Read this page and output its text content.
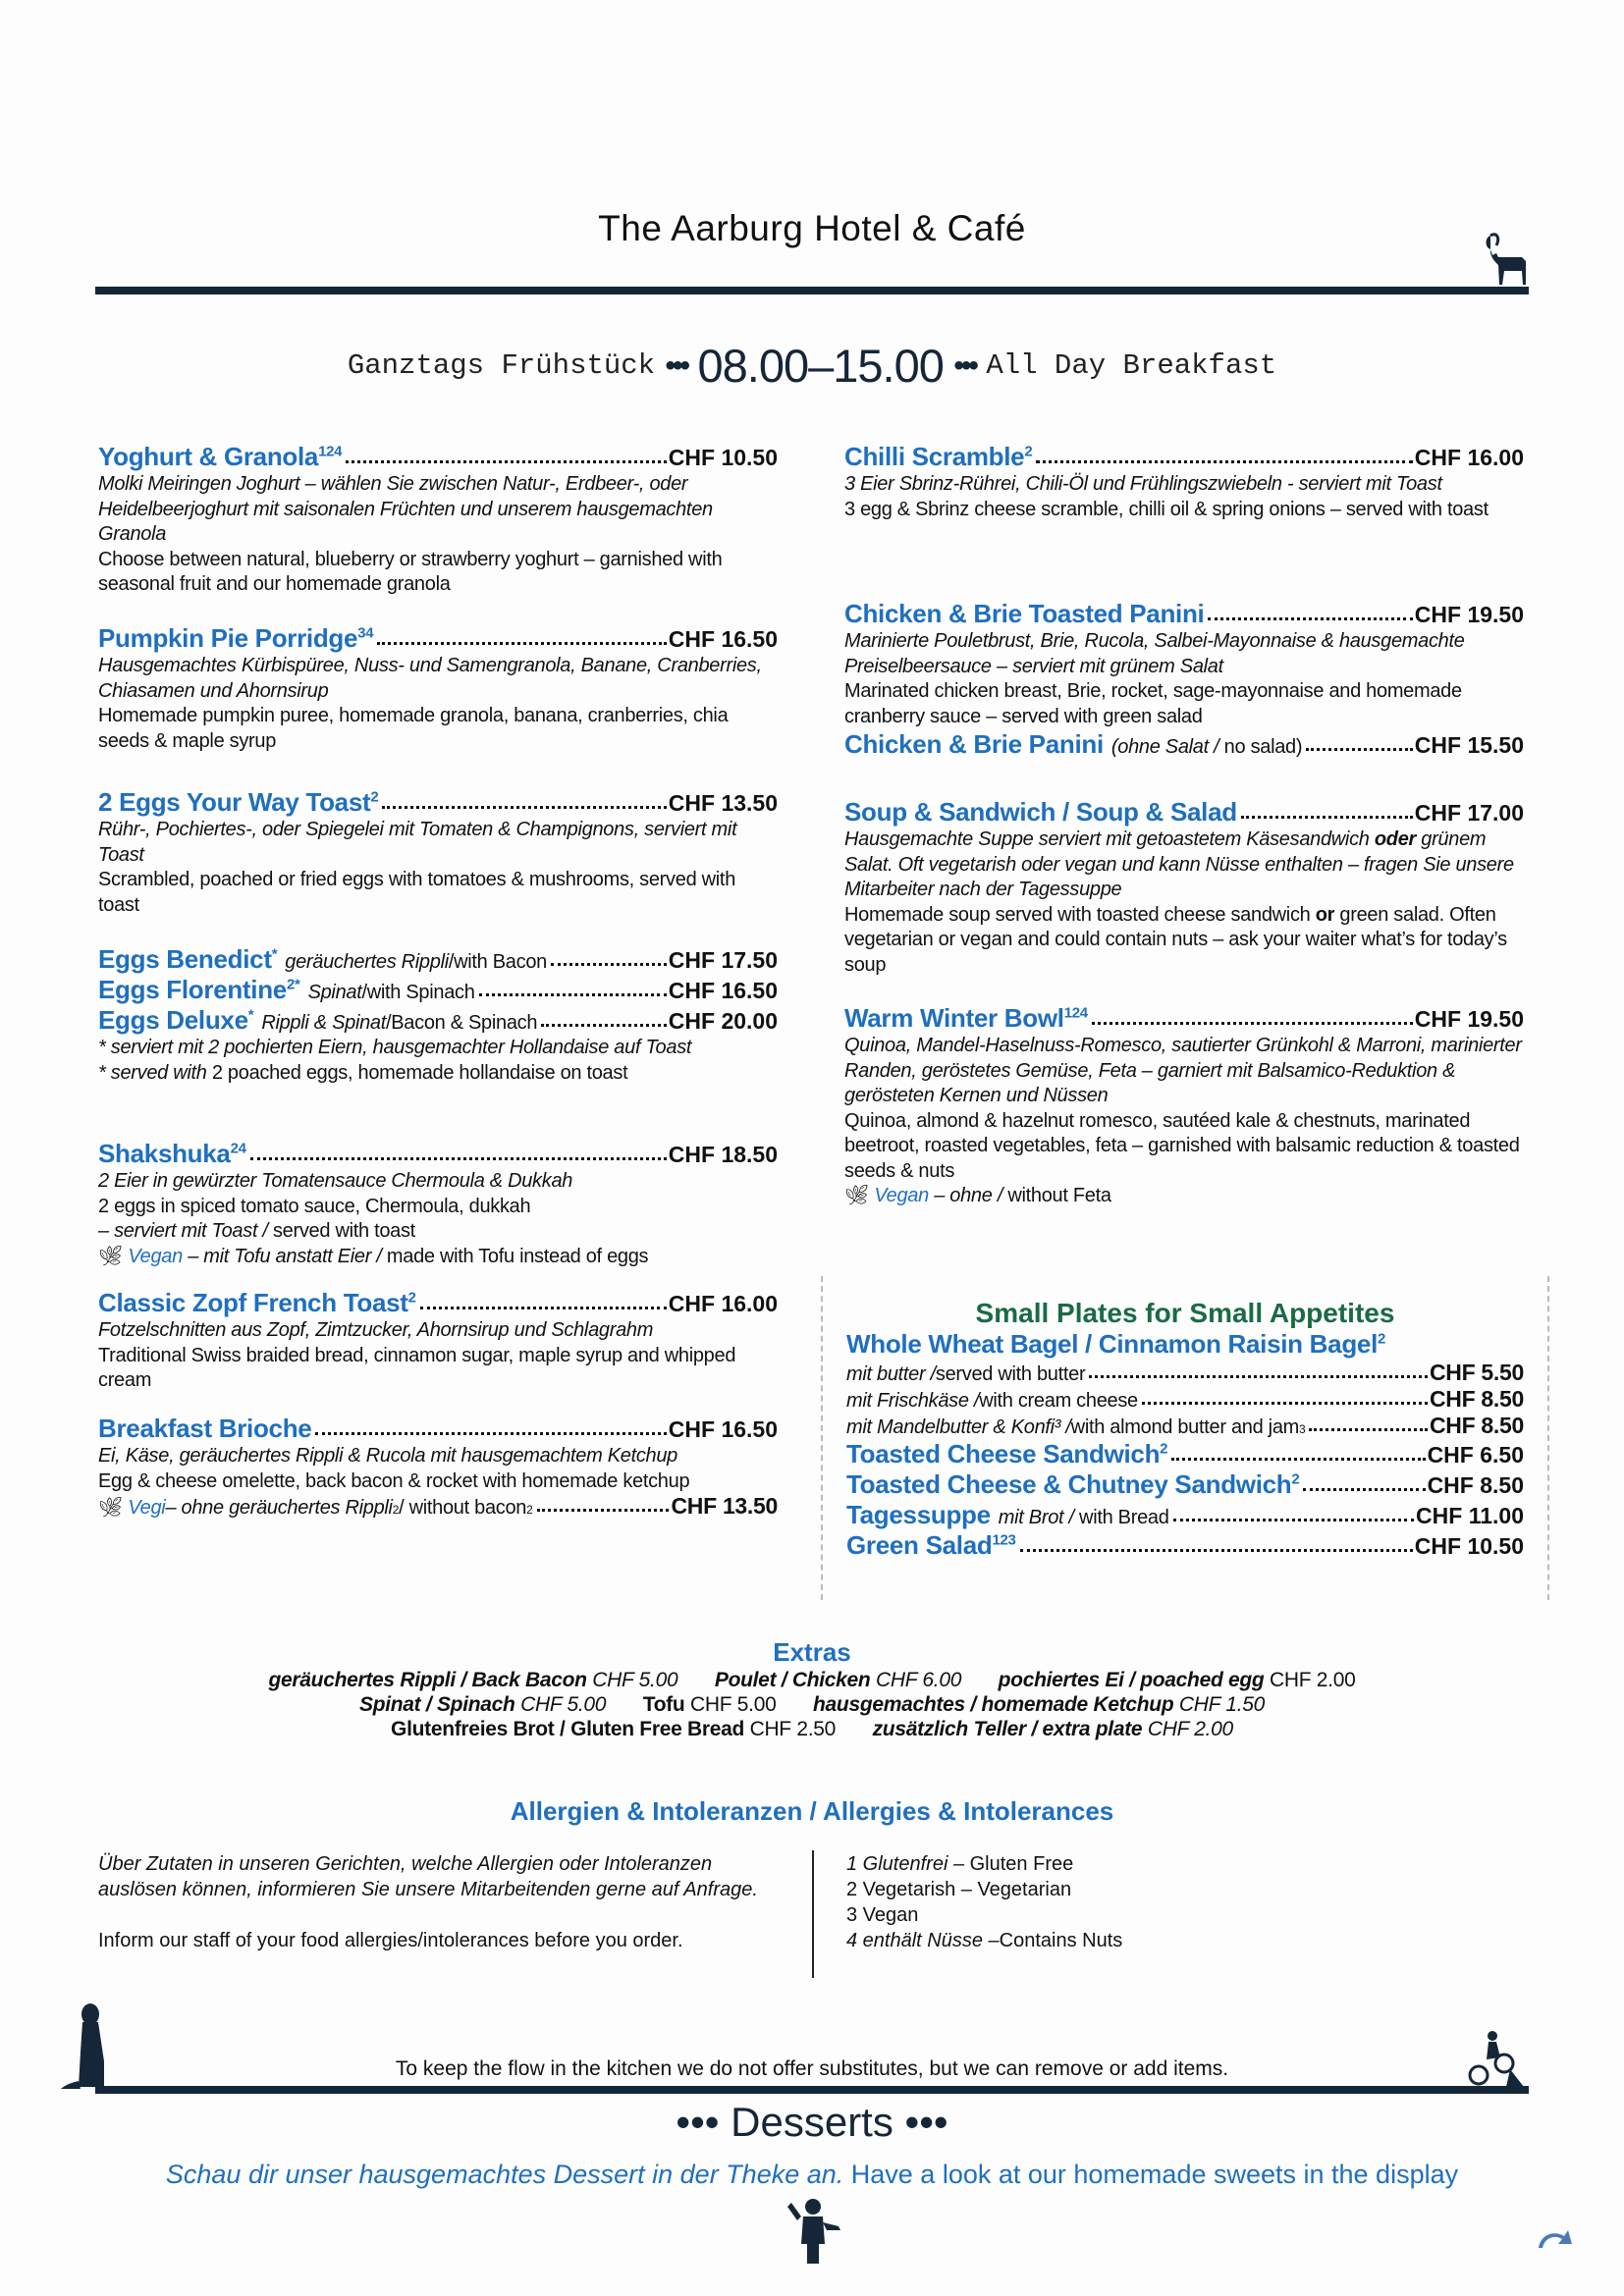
The Aarburg Hotel & Café
Ganztags Frühstück ••• 08.00–15.00 ••• All Day Breakfast
Yoghurt & Granola$^{124}$	CHF 10.50
Molki Meiringen Joghurt – wählen Sie zwischen Natur-, Erdbeer-, oder Heidelbeerjoghurt mit saisonalen Früchten und unserem hausgemachten Granola
Choose between natural, blueberry or strawberry yoghurt – garnished with seasonal fruit and our homemade granola
Pumpkin Pie Porridge$^{34}$	CHF 16.50
Hausgemachtes Kürbispüree, Nuss- und Samengranola, Banane, Cranberries, Chiasamen und Ahornsirup
Homemade pumpkin puree, homemade granola, banana, cranberries, chia seeds & maple syrup
2 Eggs Your Way Toast$^2$	CHF 13.50
Rühr-, Pochiertes-, oder Spiegelei mit Tomaten & Champignons, serviert mit Toast
Scrambled, poached or fried eggs with tomatoes & mushrooms, served with toast
Eggs Benedict* geräuchertes Rippli/with Bacon	CHF 17.50
Eggs Florentine$^{2*}$ Spinat/with Spinach	CHF 16.50
Eggs Deluxe* Rippli & Spinat/Bacon & Spinach	CHF 20.00
* serviert mit 2 pochierten Eiern, hausgemachter Hollandaise auf Toast
* served with 2 poached eggs, homemade hollandaise on toast
Shakshuka$^{24}$	CHF 18.50
2 Eier in gewürzter Tomatensauce Chermoula & Dukkah
2 eggs in spiced tomato sauce, Chermoula, dukkah
– serviert mit Toast / served with toast
🌿︎ Vegan – mit Tofu anstatt Eier / made with Tofu instead of eggs
Classic Zopf French Toast$^2$	CHF 16.00
Fotzelschnitten aus Zopf, Zimtzucker, Ahornsirup und Schlagrahm
Traditional Swiss braided bread, cinnamon sugar, maple syrup and whipped cream
Breakfast Brioche	CHF 16.50
Ei, Käse, geräuchertes Rippli & Rucola mit hausgemachtem Ketchup
Egg & cheese omelette, back bacon & rocket with homemade ketchup
🌿︎
Vegi – ohne geräuchertes Rippli 2 / without bacon 2	CHF 13.50
Chilli Scramble$^2$	CHF 16.00
3 Eier Sbrinz-Rührei, Chili-Öl und Frühlingszwiebeln - serviert mit Toast
3 egg & Sbrinz cheese scramble, chilli oil & spring onions – served with toast
Chicken & Brie Toasted Panini	CHF 19.50
Marinierte Pouletbrust, Brie, Rucola, Salbei-Mayonnaise & hausgemachte Preiselbeersauce – serviert mit grünem Salat
Marinated chicken breast, Brie, rocket, sage-mayonnaise and homemade cranberry sauce – served with green salad
Chicken & Brie Panini (ohne Salat / no salad)	CHF 15.50
Soup & Sandwich / Soup & Salad	CHF 17.00
Hausgemachte Suppe serviert mit getoastetem Käsesandwich oder grünem Salat. Oft vegetarish oder vegan und kann Nüsse enthalten – fragen Sie unsere Mitarbeiter nach der Tagessuppe
Homemade soup served with toasted cheese sandwich or green salad. Often vegetarian or vegan and could contain nuts – ask your waiter what’s for today’s soup
Warm Winter Bowl$^{124}$	CHF 19.50
Quinoa, Mandel-Haselnuss-Romesco, sautierter Grünkohl & Marroni, marinierter Randen, geröstetes Gemüse, Feta – garniert mit Balsamico-Reduktion & gerösteten Kernen und Nüssen
Quinoa, almond & hazelnut romesco, sautéed kale & chestnuts, marinated beetroot, roasted vegetables, feta – garnished with balsamic reduction & toasted seeds & nuts
🌿︎ Vegan – ohne / without Feta
Small Plates for Small Appetites
Whole Wheat Bagel / Cinnamon Raisin Bagel$^2$
mit butter / served with butter	CHF 5.50
mit Frischkäse / with cream cheese	CHF 8.50
mit Mandelbutter & Konfi³ / with almond butter and jam 3	CHF 8.50
Toasted Cheese Sandwich$^2$	CHF 6.50
Toasted Cheese & Chutney Sandwich$^2$	CHF 8.50
Tagessuppe mit Brot / with Bread	CHF 11.00
Green Salad$^{123}$	CHF 10.50
Extras
geräuchertes Rippli / Back Bacon CHF 5.00 Poulet / Chicken CHF 6.00 pochiertes Ei / poached egg CHF 2.00
Spinat / Spinach CHF 5.00 Tofu CHF 5.00 hausgemachtes / homemade Ketchup CHF 1.50
Glutenfreies Brot / Gluten Free Bread CHF 2.50 zusätzlich Teller / extra plate CHF 2.00
Allergien & Intoleranzen / Allergies & Intolerances
Über Zutaten in unseren Gerichten, welche Allergien oder Intoleranzen auslösen können, informieren Sie unsere Mitarbeitenden gerne auf Anfrage.
Inform our staff of your food allergies/intolerances before you order.
1 Glutenfrei – Gluten Free
2 Vegetarish – Vegetarian
3 Vegan
4 enthält Nüsse –Contains Nuts
To keep the flow in the kitchen we do not offer substitutes, but we can remove or add items.
••• Desserts •••
Schau dir unser hausgemachtes Dessert in der Theke an. Have a look at our homemade sweets in the display
